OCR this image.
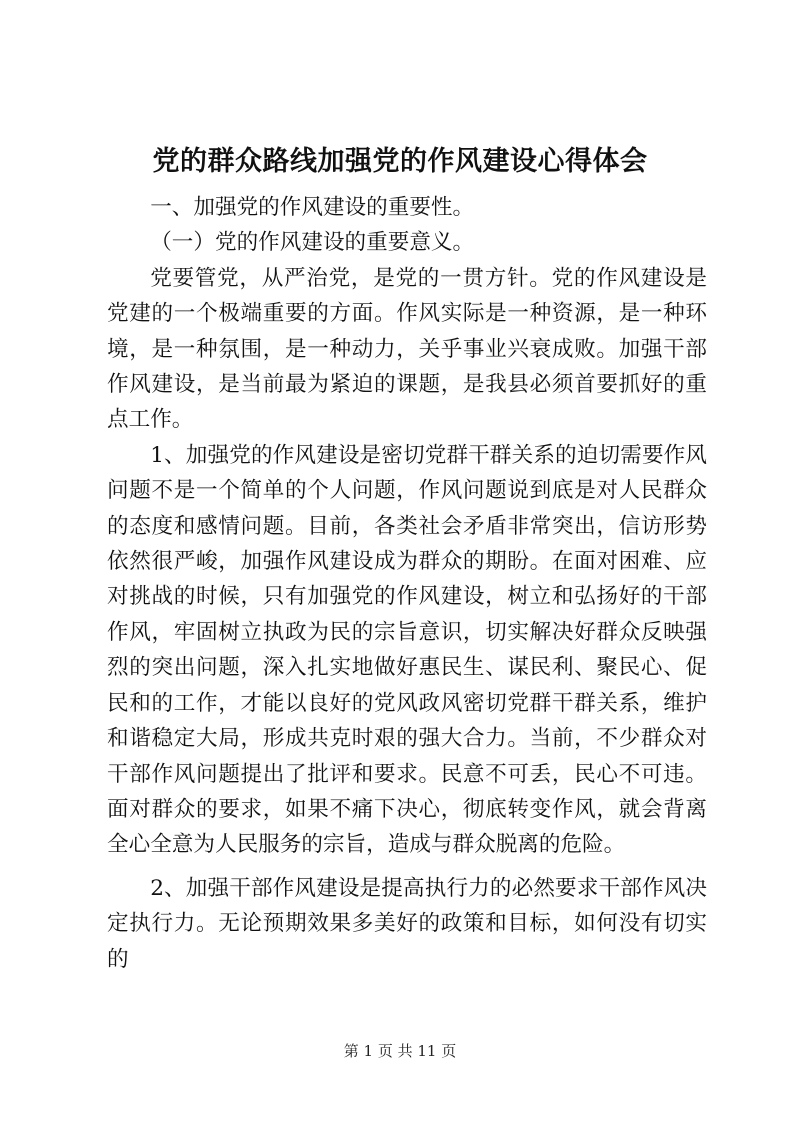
党的群众路线加强党的作风建设心得体会

一、加强党的作风建设的重要性。

（一）党的作风建设的重要意义。

党要管党，从严治党，是党的一贯方针。党的作风建设是党建的一个极端重要的方面。作风实际是一种资源，是一种环境，是一种氛围，是一种动力，关乎事业兴衰成败。加强干部作风建设，是当前最为紧迫的课题，是我县必须首要抓好的重点工作。

1、加强党的作风建设是密切党群干群关系的迫切需要作风问题不是一个简单的个人问题，作风问题说到底是对人民群众的态度和感情问题。目前，各类社会矛盾非常突出，信访形势依然很严峻，加强作风建设成为群众的期盼。在面对困难、应对挑战的时候，只有加强党的作风建设，树立和弘扬好的干部作风，牢固树立执政为民的宗旨意识，切实解决好群众反映强烈的突出问题，深入扎实地做好惠民生、谋民利、聚民心、促民和的工作，才能以良好的党风政风密切党群干群关系，维护和谐稳定大局，形成共克时艰的强大合力。当前，不少群众对干部作风问题提出了批评和要求。民意不可丢，民心不可违。面对群众的要求，如果不痛下决心，彻底转变作风，就会背离全心全意为人民服务的宗旨，造成与群众脱离的危险。

2、加强干部作风建设是提高执行力的必然要求干部作风决定执行力。无论预期效果多美好的政策和目标，如何没有切实的

第 1 页 共 11 页
